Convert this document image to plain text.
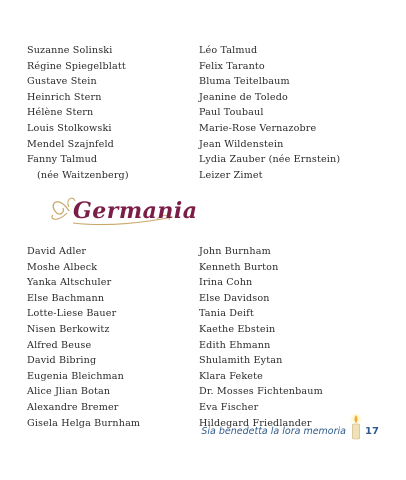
Suzanne Solinski
Régine Spiegelblatt
Gustave Stein
Heinrich Stern
Hélène Stern
Louis Stolkowski
Mendel Szajnfeld
Fanny Talmud
(née Waitzenberg)
Léo Talmud
Felix Taranto
Bluma Teitelbaum
Jeanine de Toledo
Paul Toubaul
Marie-Rose Vernazobre
Jean Wildenstein
Lydia Zauber (née Ernstein)
Leizer Zimet
Germania
David Adler
Moshe Albeck
Yanka Altschuler
Else Bachmann
Lotte-Liese Bauer
Nisen Berkowitz
Alfred Beuse
David Bibring
Eugenia Bleichman
Alice Jlian Botan
Alexandre Bremer
Gisela Helga Burnham
John Burnham
Kenneth Burton
Irina Cohn
Else Davidson
Tania Deift
Kaethe Ebstein
Edith Ehmann
Shulamith Eytan
Klara Fekete
Dr. Mosses Fichtenbaum
Eva Fischer
Hildegard Friedlander
Sia benedetta la lora memoria 17
